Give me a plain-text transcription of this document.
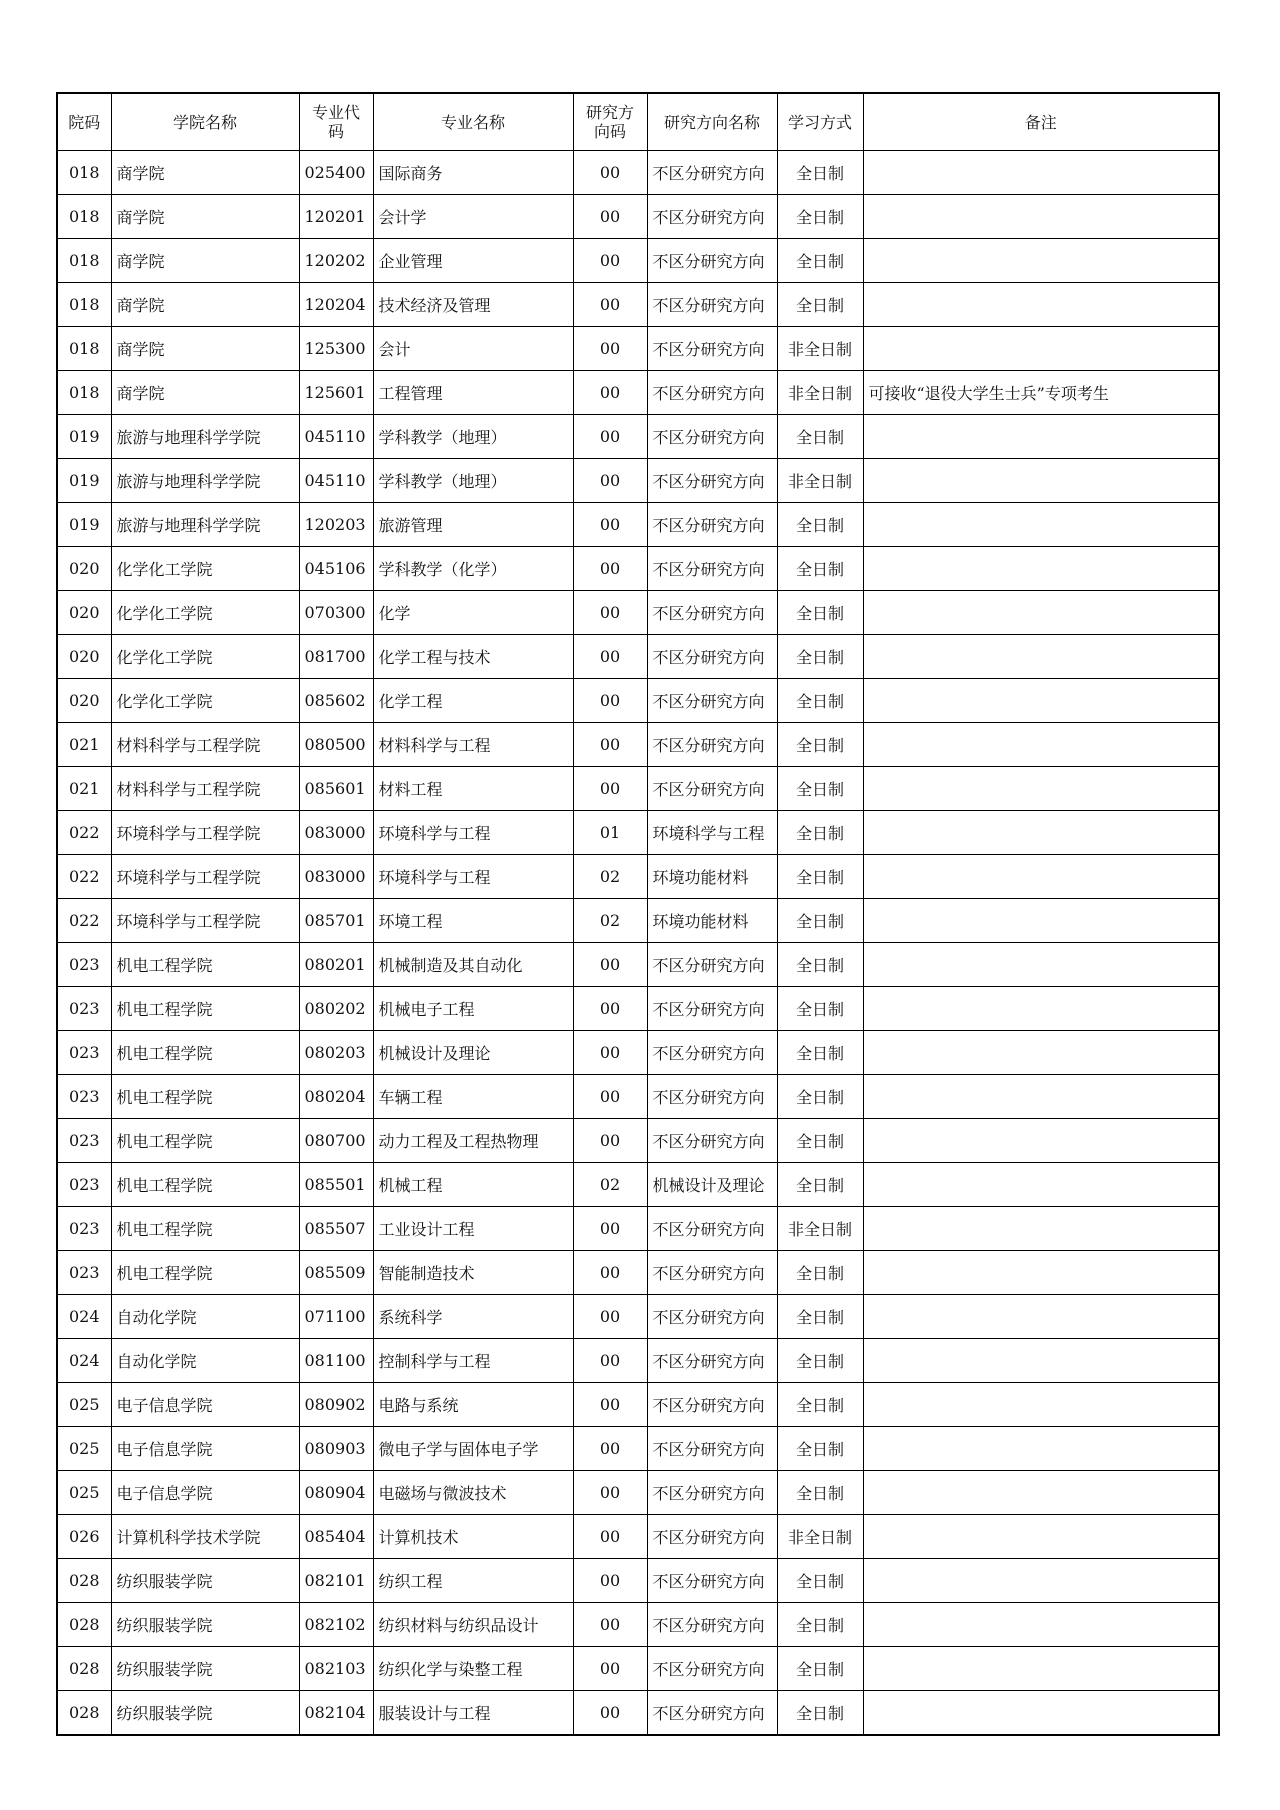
院码	学院名称	专业代码	专业名称	研究方向码	研究方向名称	学习方式	备注
018	商学院	025400	国际商务	00	不区分研究方向	全日制	
018	商学院	120201	会计学	00	不区分研究方向	全日制	
018	商学院	120202	企业管理	00	不区分研究方向	全日制	
018	商学院	120204	技术经济及管理	00	不区分研究方向	全日制	
018	商学院	125300	会计	00	不区分研究方向	非全日制	
018	商学院	125601	工程管理	00	不区分研究方向	非全日制	可接收“退役大学生士兵”专项考生
019	旅游与地理科学学院	045110	学科教学（地理）	00	不区分研究方向	全日制	
019	旅游与地理科学学院	045110	学科教学（地理）	00	不区分研究方向	非全日制	
019	旅游与地理科学学院	120203	旅游管理	00	不区分研究方向	全日制	
020	化学化工学院	045106	学科教学（化学）	00	不区分研究方向	全日制	
020	化学化工学院	070300	化学	00	不区分研究方向	全日制	
020	化学化工学院	081700	化学工程与技术	00	不区分研究方向	全日制	
020	化学化工学院	085602	化学工程	00	不区分研究方向	全日制	
021	材料科学与工程学院	080500	材料科学与工程	00	不区分研究方向	全日制	
021	材料科学与工程学院	085601	材料工程	00	不区分研究方向	全日制	
022	环境科学与工程学院	083000	环境科学与工程	01	环境科学与工程	全日制	
022	环境科学与工程学院	083000	环境科学与工程	02	环境功能材料	全日制	
022	环境科学与工程学院	085701	环境工程	02	环境功能材料	全日制	
023	机电工程学院	080201	机械制造及其自动化	00	不区分研究方向	全日制	
023	机电工程学院	080202	机械电子工程	00	不区分研究方向	全日制	
023	机电工程学院	080203	机械设计及理论	00	不区分研究方向	全日制	
023	机电工程学院	080204	车辆工程	00	不区分研究方向	全日制	
023	机电工程学院	080700	动力工程及工程热物理	00	不区分研究方向	全日制	
023	机电工程学院	085501	机械工程	02	机械设计及理论	全日制	
023	机电工程学院	085507	工业设计工程	00	不区分研究方向	非全日制	
023	机电工程学院	085509	智能制造技术	00	不区分研究方向	全日制	
024	自动化学院	071100	系统科学	00	不区分研究方向	全日制	
024	自动化学院	081100	控制科学与工程	00	不区分研究方向	全日制	
025	电子信息学院	080902	电路与系统	00	不区分研究方向	全日制	
025	电子信息学院	080903	微电子学与固体电子学	00	不区分研究方向	全日制	
025	电子信息学院	080904	电磁场与微波技术	00	不区分研究方向	全日制	
026	计算机科学技术学院	085404	计算机技术	00	不区分研究方向	非全日制	
028	纺织服装学院	082101	纺织工程	00	不区分研究方向	全日制	
028	纺织服装学院	082102	纺织材料与纺织品设计	00	不区分研究方向	全日制	
028	纺织服装学院	082103	纺织化学与染整工程	00	不区分研究方向	全日制	
028	纺织服装学院	082104	服装设计与工程	00	不区分研究方向	全日制	
